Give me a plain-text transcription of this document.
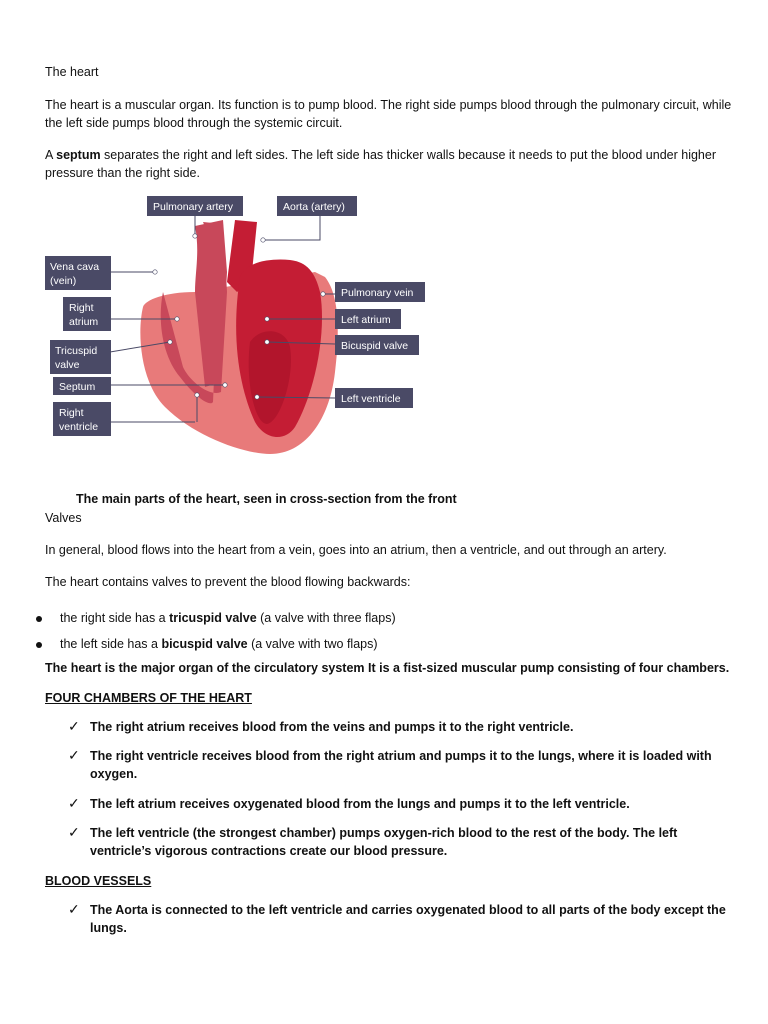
The heart

The heart is a muscular organ. Its function is to pump blood. The right side pumps blood through the pulmonary circuit, while the left side pumps blood through the systemic circuit.

A septum separates the right and left sides. The left side has thicker walls because it needs to put the blood under higher pressure than the right side.

Pulmonary artery	Aorta (artery)
Vena cava
(vein)
Right
atrium
Tricuspid
valve
Septum
Right
ventricle
Pulmonary vein
Left atrium
Bicuspid valve
Left ventricle
The main parts of the heart, seen in cross-section from the front

Valves

In general, blood flows into the heart from a vein, goes into an atrium, then a ventricle, and out through an artery.

The heart contains valves to prevent the blood flowing backwards:

the right side has a tricuspid valve (a valve with three flaps)
the left side has a bicuspid valve (a valve with two flaps)

The heart is the major organ of the circulatory system It is a fist-sized muscular pump consisting of four chambers.

FOUR CHAMBERS OF THE HEART

✓ The right atrium receives blood from the veins and pumps it to the right ventricle.
✓ The right ventricle receives blood from the right atrium and pumps it to the lungs, where it is loaded with oxygen.
✓ The left atrium receives oxygenated blood from the lungs and pumps it to the left ventricle.
✓ The left ventricle (the strongest chamber) pumps oxygen-rich blood to the rest of the body. The left ventricle’s vigorous contractions create our blood pressure.

BLOOD VESSELS

✓ The Aorta is connected to the left ventricle and carries oxygenated blood to all parts of the body except the lungs.
